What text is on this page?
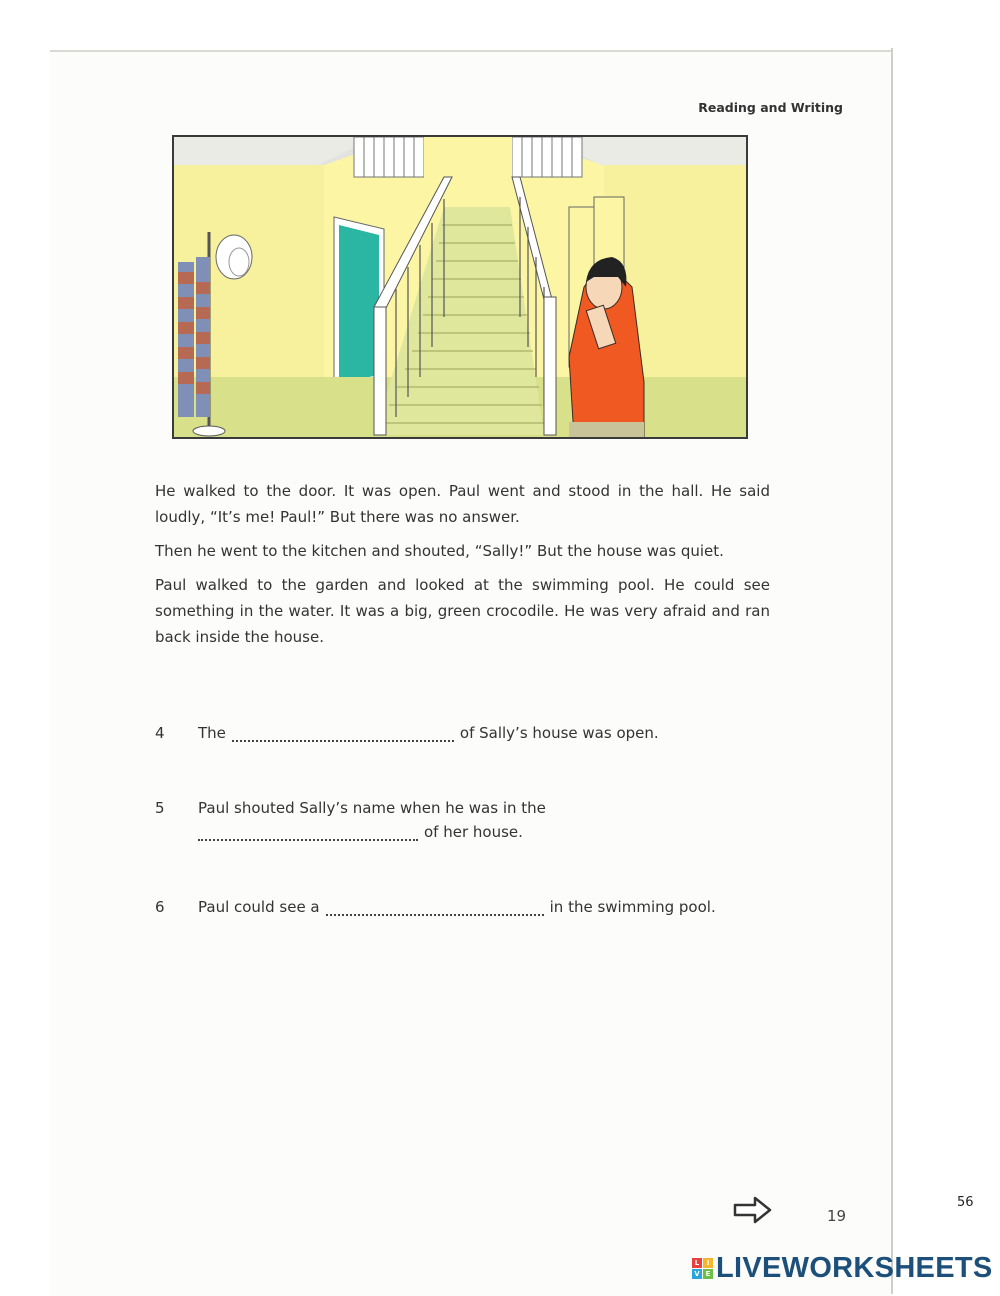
Reading and Writing

He walked to the door. It was open. Paul went and stood in the hall. He said loudly, “It’s me! Paul!” But there was no answer.

Then he went to the kitchen and shouted, “Sally!” But the house was quiet.

Paul walked to the garden and looked at the swimming pool. He could see something in the water. It was a big, green crocodile. He was very afraid and ran back inside the house.

4 The	of Sally’s house was open.
5 Paul shouted Sally’s name when he was in the
of her house.
6 Paul could see a	in the swimming pool.
19
56
L	I
V E LIVEWORKSHEETS
